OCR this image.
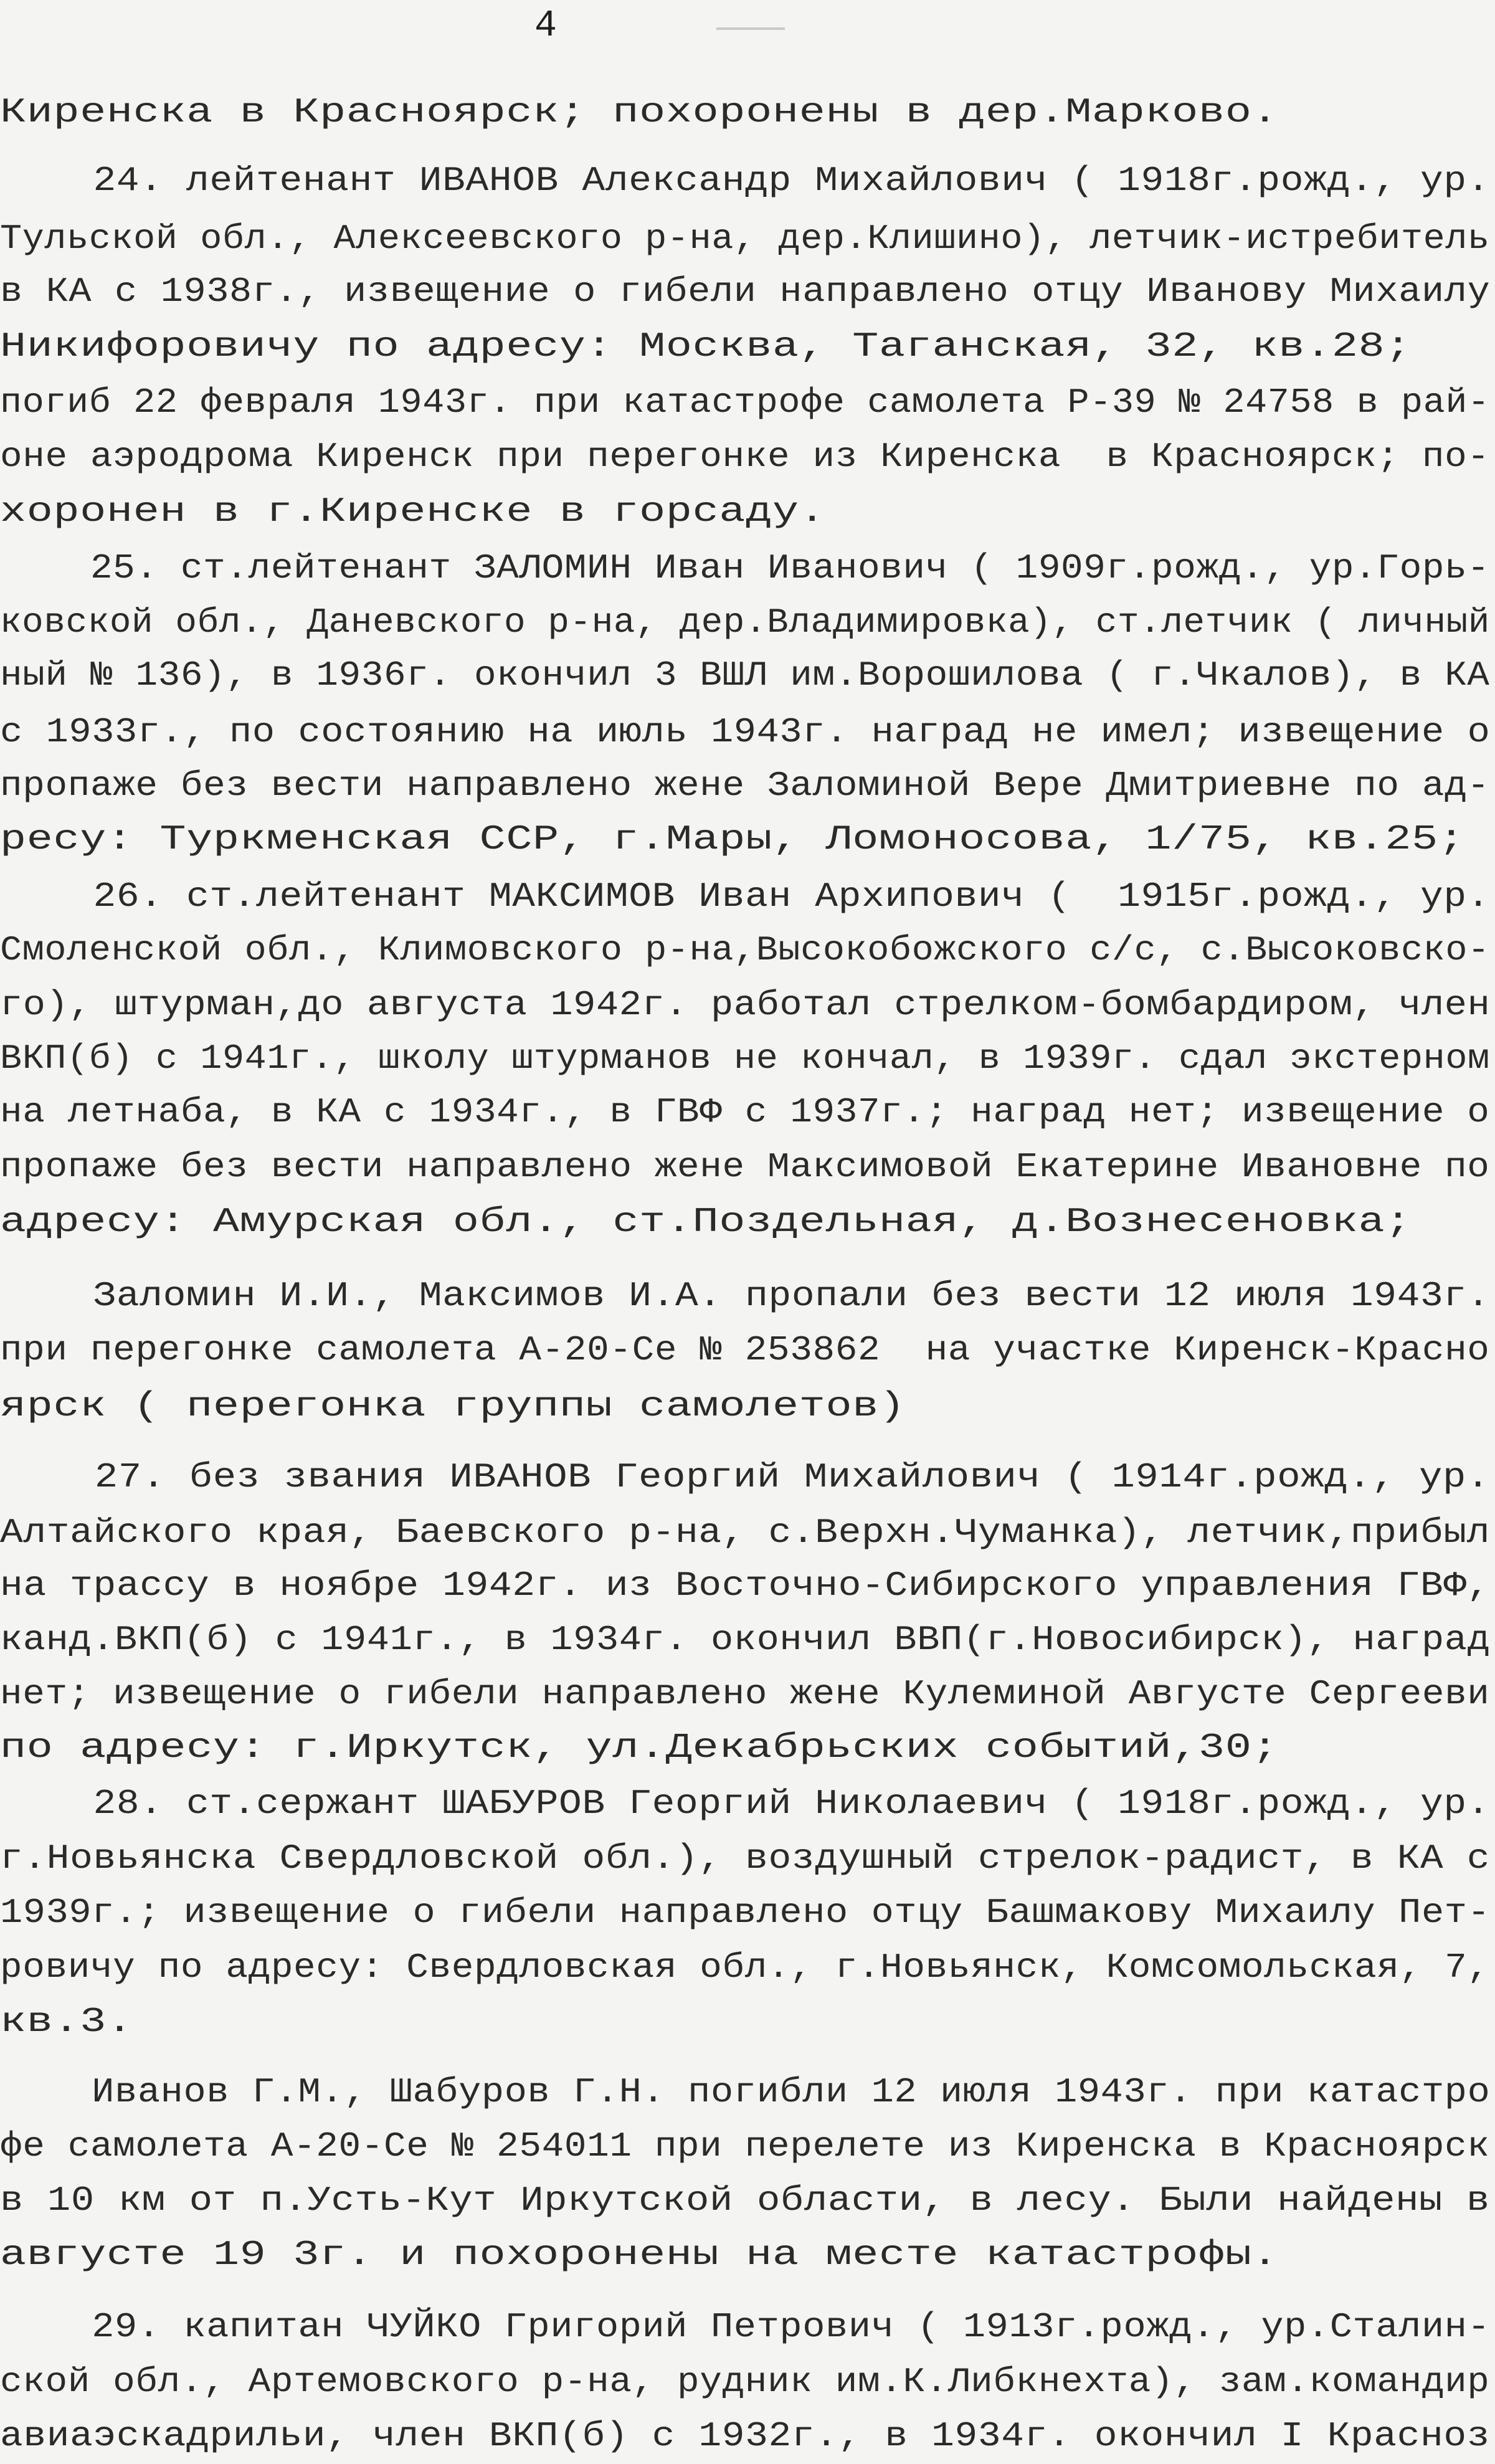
4
Киренска в Красноярск; похоронены в дер.Марково.
24. лейтенант ИВАНОВ Александр Михайлович ( 1918г.рожд., ур.
Тульской обл., Алексеевского р-на, дер.Клишино), летчик-истребитель
в КА с 1938г., извещение о гибели направлено отцу Иванову Михаилу
Никифоровичу по адресу: Москва, Таганская, 32, кв.28;
погиб 22 февраля 1943г. при катастрофе самолета Р-39 № 24758 в рай-
оне аэродрома Киренск при перегонке из Киренска  в Красноярск; по-
хоронен в г.Киренске в горсаду.
25. ст.лейтенант ЗАЛОМИН Иван Иванович ( 1909г.рожд., ур.Горь-
ковской обл., Даневского р-на, дер.Владимировка), ст.летчик ( личный
ный № 136), в 1936г. окончил 3 ВШЛ им.Ворошилова ( г.Чкалов), в КА
с 1933г., по состоянию на июль 1943г. наград не имел; извещение о
пропаже без вести направлено жене Заломиной Вере Дмитриевне по ад-
ресу: Туркменская ССР, г.Мары, Ломоносова, 1/75, кв.25;
26. ст.лейтенант МАКСИМОВ Иван Архипович (  1915г.рожд., ур.
Смоленской обл., Климовского р-на,Высокобожского с/с, с.Высоковско-
го), штурман,до августа 1942г. работал стрелком-бомбардиром, член
ВКП(б) с 1941г., школу штурманов не кончал, в 1939г. сдал экстерном
на летнаба, в КА с 1934г., в ГВФ с 1937г.; наград нет; извещение о
пропаже без вести направлено жене Максимовой Екатерине Ивановне по
адресу: Амурская обл., ст.Поздельная, д.Вознесеновка;
Заломин И.И., Максимов И.А. пропали без вести 12 июля 1943г.
при перегонке самолета А-20-Се № 253862  на участке Киренск-Красно
ярск ( перегонка группы самолетов)
27. без звания ИВАНОВ Георгий Михайлович ( 1914г.рожд., ур.
Алтайского края, Баевского р-на, с.Верхн.Чуманка), летчик,прибыл
на трассу в ноябре 1942г. из Восточно-Сибирского управления ГВФ,
канд.ВКП(б) с 1941г., в 1934г. окончил ВВП(г.Новосибирск), наград
нет; извещение о гибели направлено жене Кулеминой Августе Сергееви
по адресу: г.Иркутск, ул.Декабрьских событий,30;
28. ст.сержант ШАБУРОВ Георгий Николаевич ( 1918г.рожд., ур.
г.Новьянска Свердловской обл.), воздушный стрелок-радист, в КА с
1939г.; извещение о гибели направлено отцу Башмакову Михаилу Пет-
ровичу по адресу: Свердловская обл., г.Новьянск, Комсомольская, 7,
кв.3.
Иванов Г.М., Шабуров Г.Н. погибли 12 июля 1943г. при катастро
фе самолета А-20-Се № 254011 при перелете из Киренска в Красноярск
в 10 км от п.Усть-Кут Иркутской области, в лесу. Были найдены в
августе 19 3г. и похоронены на месте катастрофы.
29. капитан ЧУЙКО Григорий Петрович ( 1913г.рожд., ур.Сталин-
ской обл., Артемовского р-на, рудник им.К.Либкнехта), зам.командир
авиаэскадрильи, член ВКП(б) с 1932г., в 1934г. окончил I Красноз
